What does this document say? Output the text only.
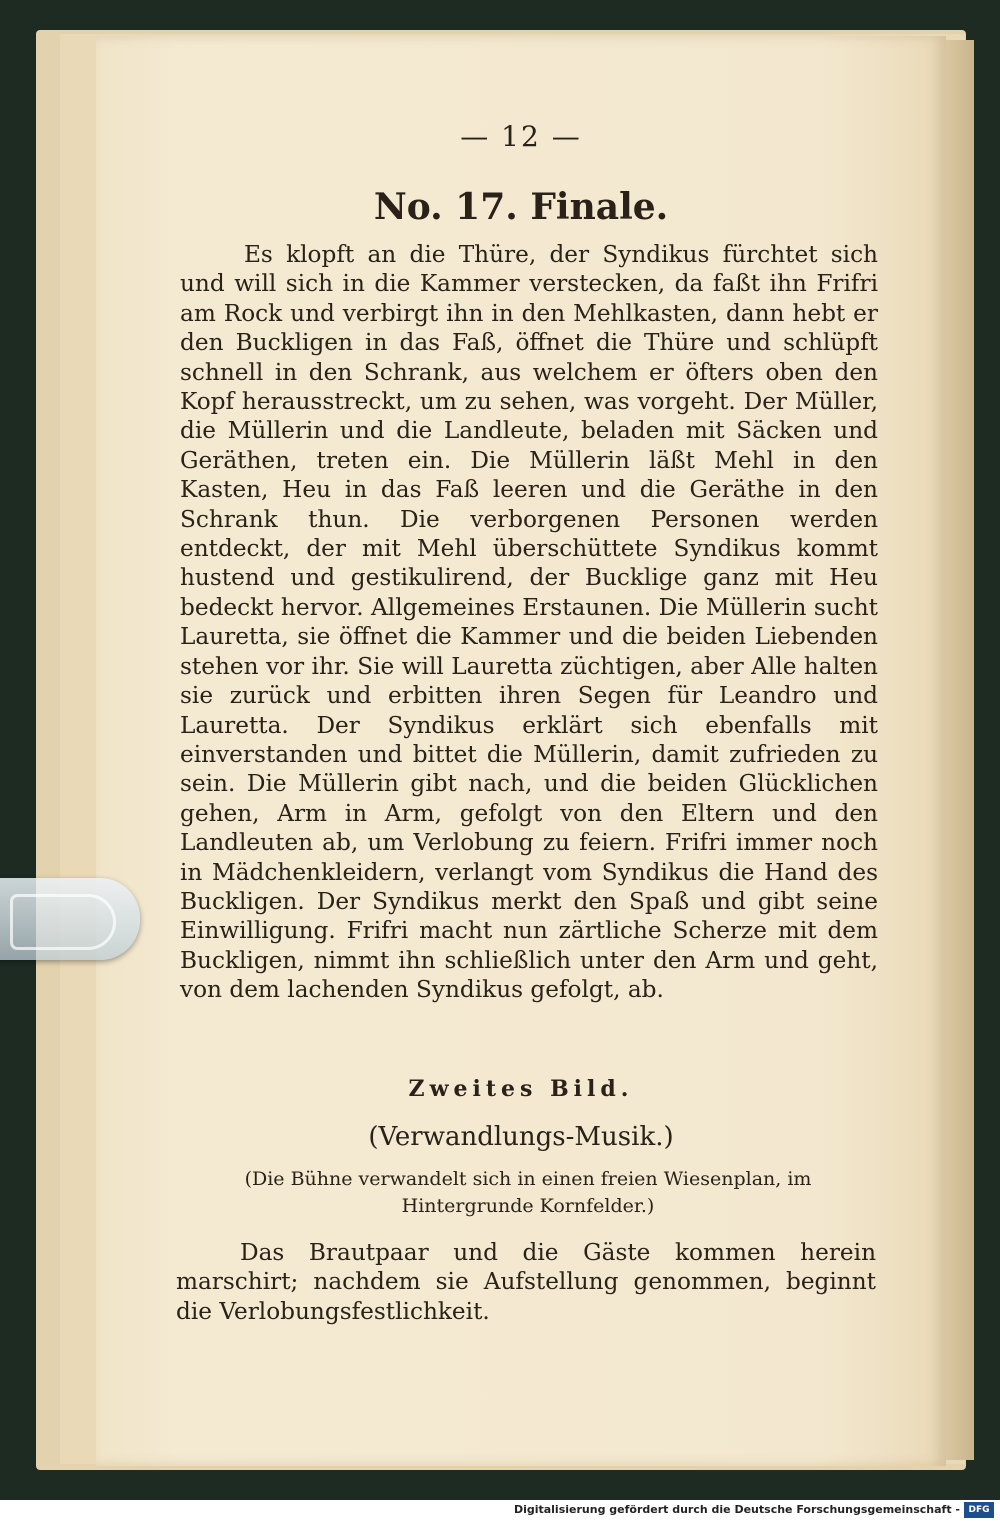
— 12 —
No. 17. Finale.

Es klopft an die Thüre, der Syndikus fürchtet sich und will sich in die Kammer verstecken, da faßt ihn Frifri am Rock und verbirgt ihn in den Mehlkasten, dann hebt er den Buckligen in das Faß, öffnet die Thüre und schlüpft schnell in den Schrank, aus welchem er öfters oben den Kopf herausstreckt, um zu sehen, was vorgeht. Der Müller, die Müllerin und die Landleute, beladen mit Säcken und Geräthen, treten ein. Die Müllerin läßt Mehl in den Kasten, Heu in das Faß leeren und die Geräthe in den Schrank thun. Die verborgenen Personen werden entdeckt, der mit Mehl überschüttete Syndikus kommt hustend und gestikulirend, der Bucklige ganz mit Heu bedeckt hervor. Allgemeines Erstaunen. Die Müllerin sucht Lauretta, sie öffnet die Kammer und die beiden Liebenden stehen vor ihr. Sie will Lauretta züchtigen, aber Alle halten sie zurück und erbitten ihren Segen für Leandro und Lauretta. Der Syndikus erklärt sich ebenfalls mit einverstanden und bittet die Müllerin, damit zufrieden zu sein. Die Müllerin gibt nach, und die beiden Glücklichen gehen, Arm in Arm, gefolgt von den Eltern und den Landleuten ab, um Verlobung zu feiern. Frifri immer noch in Mädchenkleidern, verlangt vom Syndikus die Hand des Buckligen. Der Syndikus merkt den Spaß und gibt seine Einwilligung. Frifri macht nun zärtliche Scherze mit dem Buckligen, nimmt ihn schließlich unter den Arm und geht, von dem lachenden Syndikus gefolgt, ab.

Zweites Bild.
(Verwandlungs-Musik.)
(Die Bühne verwandelt sich in einen freien Wiesenplan, im Hintergrunde Kornfelder.)

Das Brautpaar und die Gäste kommen herein marschirt; nachdem sie Aufstellung genommen, beginnt die Verlobungsfestlichkeit.

Digitalisierung gefördert durch die Deutsche Forschungsgemeinschaft - DFG
